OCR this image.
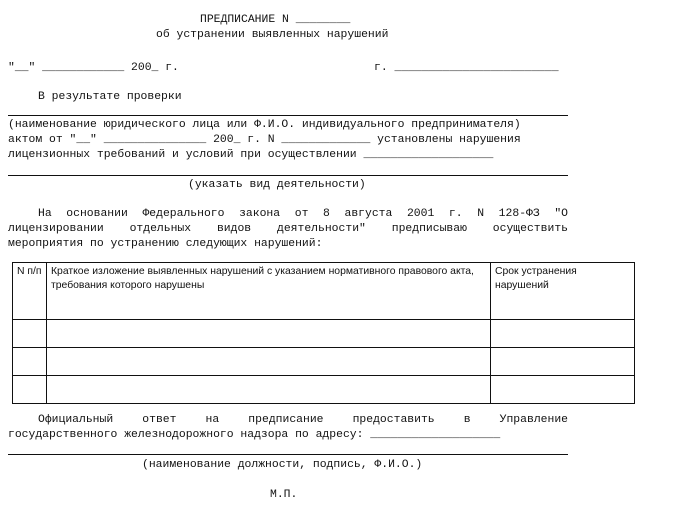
ПРЕДПИСАНИЕ N ________
об устранении выявленных нарушений
"__" ____________ 200_ г.	г. ________________________
В результате проверки
(наименование юридического лица или Ф.И.О. индивидуального предпринимателя)
актом от "__" _______________ 200_ г. N _____________ установлены нарушения
лицензионных требований и условий при осуществлении ___________________
(указать вид деятельности)
На основании Федерального закона от 8 августа 2001 г. N 128-ФЗ "О
лицензировании отдельных видов деятельности" предписываю осуществить
мероприятия по устранению следующих нарушений:
N п/п	Краткое изложение выявленных нарушений с указанием нормативного правового акта, требования которого нарушены	Срок устранения нарушений

Официальный ответ на предписание предоставить в Управление
государственного железнодорожного надзора по адресу: ___________________
(наименование должности, подпись, Ф.И.О.)
М.П.
